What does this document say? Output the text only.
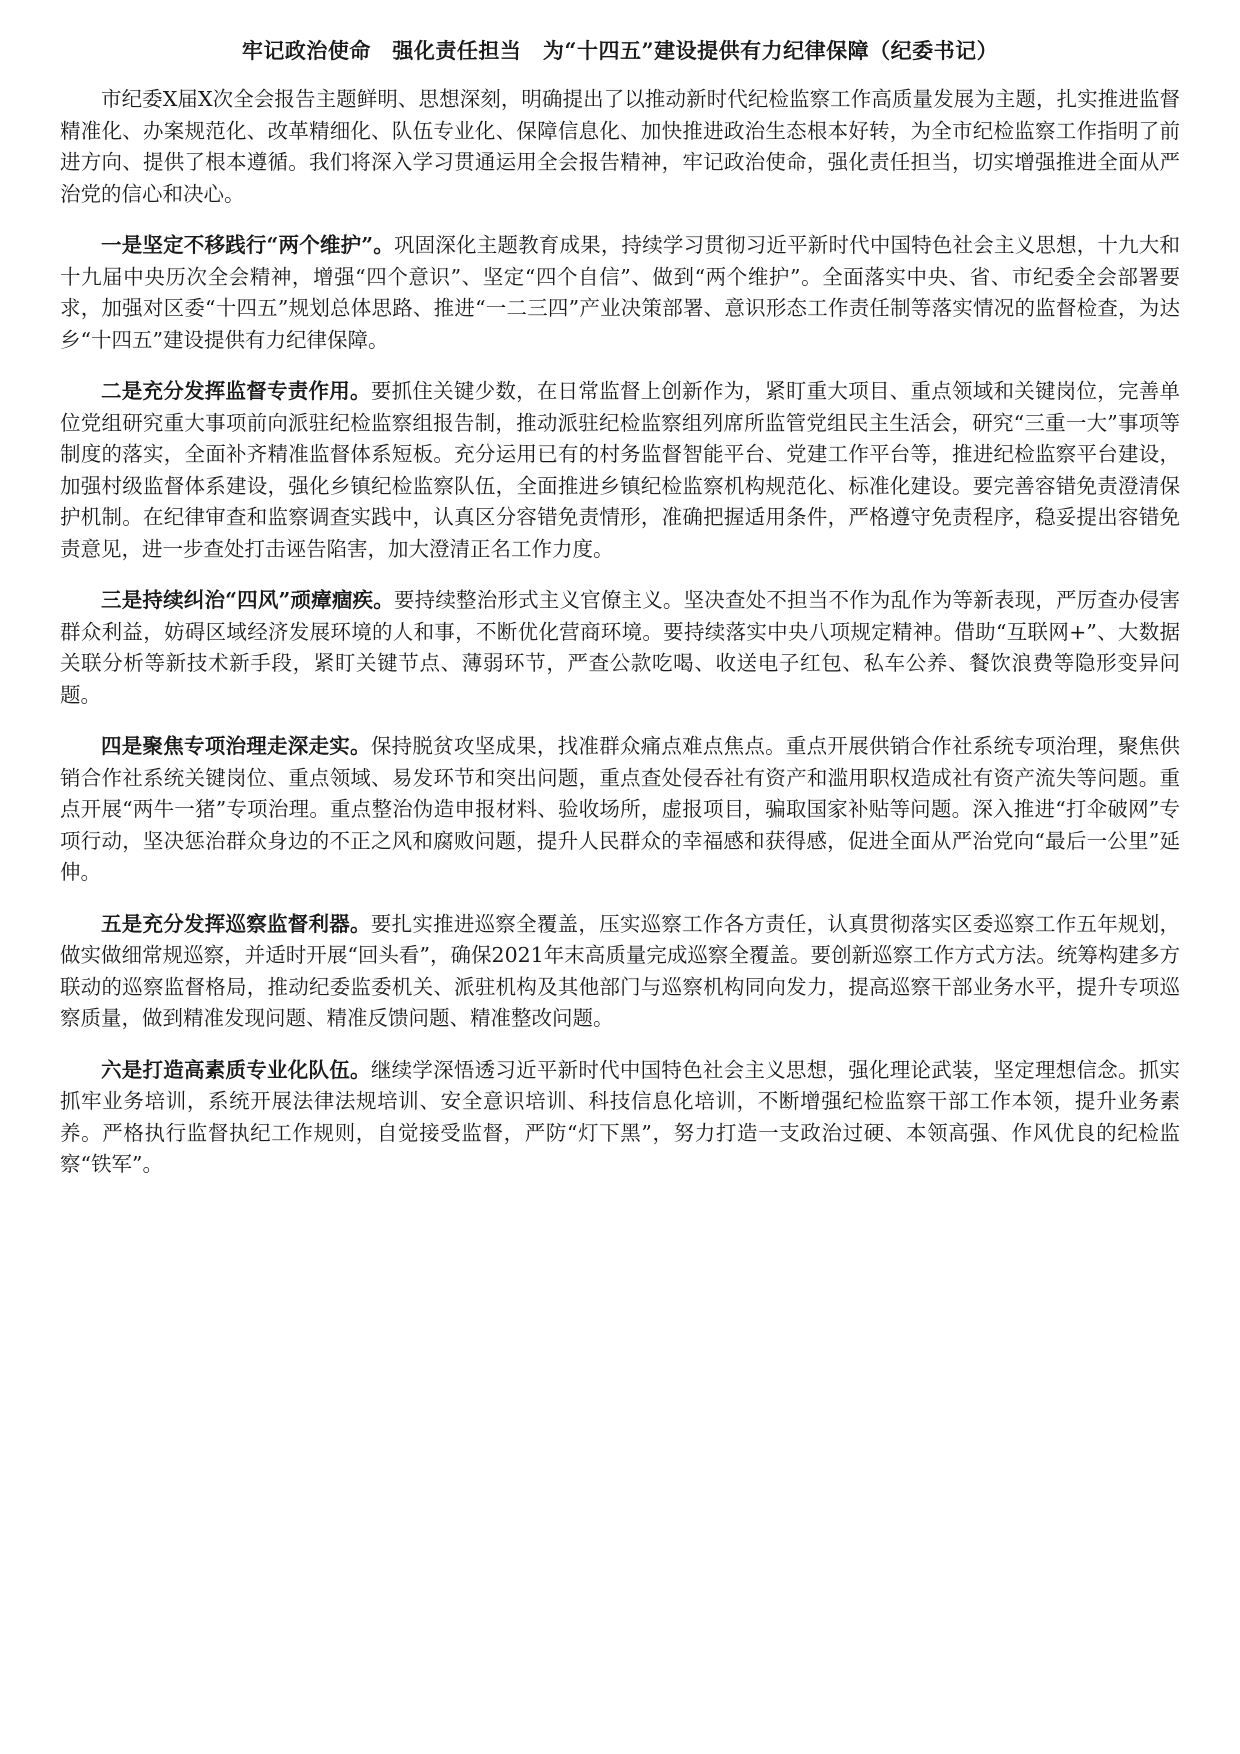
牢记政治使命　强化责任担当　为“十四五”建设提供有力纪律保障（纪委书记）

市纪委X届X次全会报告主题鲜明、思想深刻，明确提出了以推动新时代纪检监察工作高质量发展为主题，扎实推进监督精准化、办案规范化、改革精细化、队伍专业化、保障信息化、加快推进政治生态根本好转，为全市纪检监察工作指明了前进方向、提供了根本遵循。我们将深入学习贯通运用全会报告精神，牢记政治使命，强化责任担当，切实增强推进全面从严治党的信心和决心。

一是坚定不移践行“两个维护”。巩固深化主题教育成果，持续学习贯彻习近平新时代中国特色社会主义思想，十九大和十九届中央历次全会精神，增强“四个意识”、坚定“四个自信”、做到“两个维护”。全面落实中央、省、市纪委全会部署要求，加强对区委“十四五”规划总体思路、推进“一二三四”产业决策部署、意识形态工作责任制等落实情况的监督检查，为达乡“十四五”建设提供有力纪律保障。

二是充分发挥监督专责作用。要抓住关键少数，在日常监督上创新作为，紧盯重大项目、重点领域和关键岗位，完善单位党组研究重大事项前向派驻纪检监察组报告制，推动派驻纪检监察组列席所监管党组民主生活会，研究“三重一大”事项等制度的落实，全面补齐精准监督体系短板。充分运用已有的村务监督智能平台、党建工作平台等，推进纪检监察平台建设，加强村级监督体系建设，强化乡镇纪检监察队伍，全面推进乡镇纪检监察机构规范化、标准化建设。要完善容错免责澄清保护机制。在纪律审查和监察调查实践中，认真区分容错免责情形，准确把握适用条件，严格遵守免责程序，稳妥提出容错免责意见，进一步查处打击诬告陷害，加大澄清正名工作力度。

三是持续纠治“四风”顽瘴痼疾。要持续整治形式主义官僚主义。坚决查处不担当不作为乱作为等新表现，严厉查办侵害群众利益，妨碍区域经济发展环境的人和事，不断优化营商环境。要持续落实中央八项规定精神。借助“互联网+”、大数据关联分析等新技术新手段，紧盯关键节点、薄弱环节，严查公款吃喝、收送电子红包、私车公养、餐饮浪费等隐形变异问题。

四是聚焦专项治理走深走实。保持脱贫攻坚成果，找准群众痛点难点焦点。重点开展供销合作社系统专项治理，聚焦供销合作社系统关键岗位、重点领域、易发环节和突出问题，重点查处侵吞社有资产和滥用职权造成社有资产流失等问题。重点开展“两牛一猪”专项治理。重点整治伪造申报材料、验收场所，虚报项目，骗取国家补贴等问题。深入推进“打伞破网”专项行动，坚决惩治群众身边的不正之风和腐败问题，提升人民群众的幸福感和获得感，促进全面从严治党向“最后一公里”延伸。

五是充分发挥巡察监督利器。要扎实推进巡察全覆盖，压实巡察工作各方责任，认真贯彻落实区委巡察工作五年规划，做实做细常规巡察，并适时开展“回头看”，确保2021年末高质量完成巡察全覆盖。要创新巡察工作方式方法。统筹构建多方联动的巡察监督格局，推动纪委监委机关、派驻机构及其他部门与巡察机构同向发力，提高巡察干部业务水平，提升专项巡察质量，做到精准发现问题、精准反馈问题、精准整改问题。

六是打造高素质专业化队伍。继续学深悟透习近平新时代中国特色社会主义思想，强化理论武装，坚定理想信念。抓实抓牢业务培训，系统开展法律法规培训、安全意识培训、科技信息化培训，不断增强纪检监察干部工作本领，提升业务素养。严格执行监督执纪工作规则，自觉接受监督，严防“灯下黑”，努力打造一支政治过硬、本领高强、作风优良的纪检监察“铁军”。
